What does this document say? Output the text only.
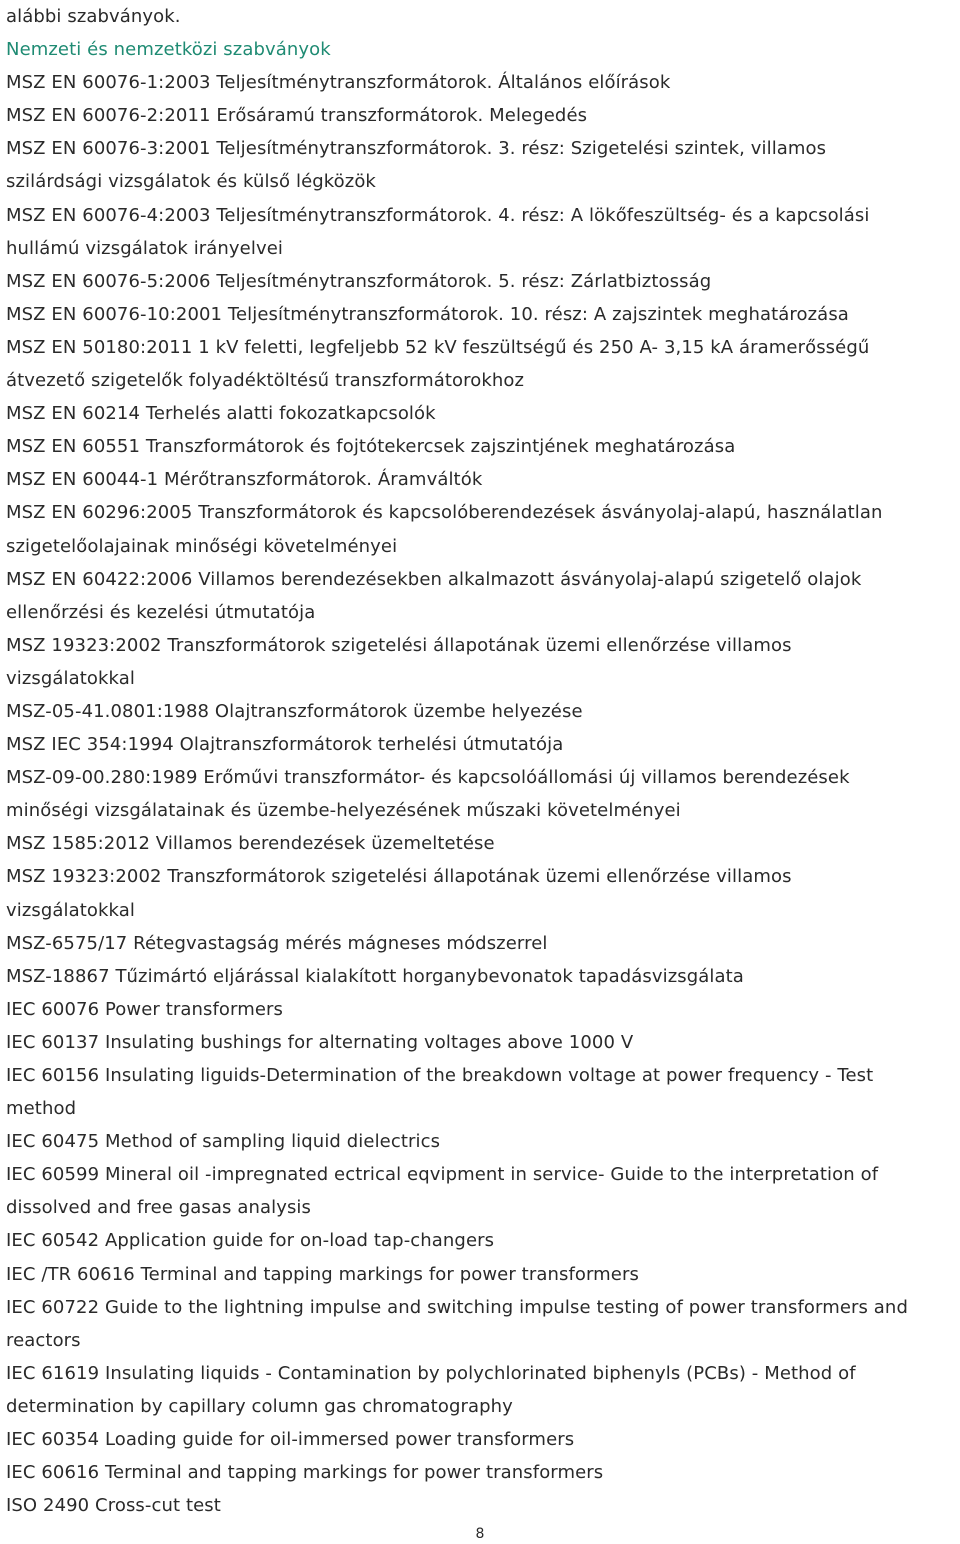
alábbi szabványok.
Nemzeti és nemzetközi szabványok
MSZ EN 60076-1:2003 Teljesítménytranszformátorok. Általános előírások
MSZ EN 60076-2:2011 Erősáramú transzformátorok. Melegedés
MSZ EN 60076-3:2001 Teljesítménytranszformátorok. 3. rész: Szigetelési szintek, villamos
szilárdsági vizsgálatok és külső légközök
MSZ EN 60076-4:2003 Teljesítménytranszformátorok. 4. rész: A lökőfeszültség- és a kapcsolási
hullámú vizsgálatok irányelvei
MSZ EN 60076-5:2006 Teljesítménytranszformátorok. 5. rész: Zárlatbiztosság
MSZ EN 60076-10:2001 Teljesítménytranszformátorok. 10. rész: A zajszintek meghatározása
MSZ EN 50180:2011 1 kV feletti, legfeljebb 52 kV feszültségű és 250 A- 3,15 kA áramerősségű
átvezető szigetelők folyadéktöltésű transzformátorokhoz
MSZ EN 60214 Terhelés alatti fokozatkapcsolók
MSZ EN 60551 Transzformátorok és fojtótekercsek zajszintjének meghatározása
MSZ EN 60044-1 Mérőtranszformátorok. Áramváltók
MSZ EN 60296:2005 Transzformátorok és kapcsolóberendezések ásványolaj-alapú, használatlan
szigetelőolajainak minőségi követelményei
MSZ EN 60422:2006 Villamos berendezésekben alkalmazott ásványolaj-alapú szigetelő olajok
ellenőrzési és kezelési útmutatója
MSZ 19323:2002 Transzformátorok szigetelési állapotának üzemi ellenőrzése villamos
vizsgálatokkal
MSZ-05-41.0801:1988 Olajtranszformátorok üzembe helyezése
MSZ IEC 354:1994 Olajtranszformátorok terhelési útmutatója
MSZ-09-00.280:1989 Erőművi transzformátor- és kapcsolóállomási új villamos berendezések
minőségi vizsgálatainak és üzembe-helyezésének műszaki követelményei
MSZ 1585:2012 Villamos berendezések üzemeltetése
MSZ 19323:2002 Transzformátorok szigetelési állapotának üzemi ellenőrzése villamos
vizsgálatokkal
MSZ-6575/17 Rétegvastagság mérés mágneses módszerrel
MSZ-18867 Tűzimártó eljárással kialakított horganybevonatok tapadásvizsgálata
IEC 60076 Power transformers
IEC 60137 Insulating bushings for alternating voltages above 1000 V
IEC 60156 Insulating liguids-Determination of the breakdown voltage at power frequency - Test
method
IEC 60475 Method of sampling liquid dielectrics
IEC 60599 Mineral oil -impregnated ectrical eqvipment in service- Guide to the interpretation of
dissolved and free gasas analysis
IEC 60542 Application guide for on-load tap-changers
IEC /TR 60616 Terminal and tapping markings for power transformers
IEC 60722 Guide to the lightning impulse and switching impulse testing of power transformers and
reactors
IEC 61619 Insulating liquids - Contamination by polychlorinated biphenyls (PCBs) - Method of
determination by capillary column gas chromatography
IEC 60354 Loading guide for oil-immersed power transformers
IEC 60616 Terminal and tapping markings for power transformers
ISO 2490 Cross-cut test
8
